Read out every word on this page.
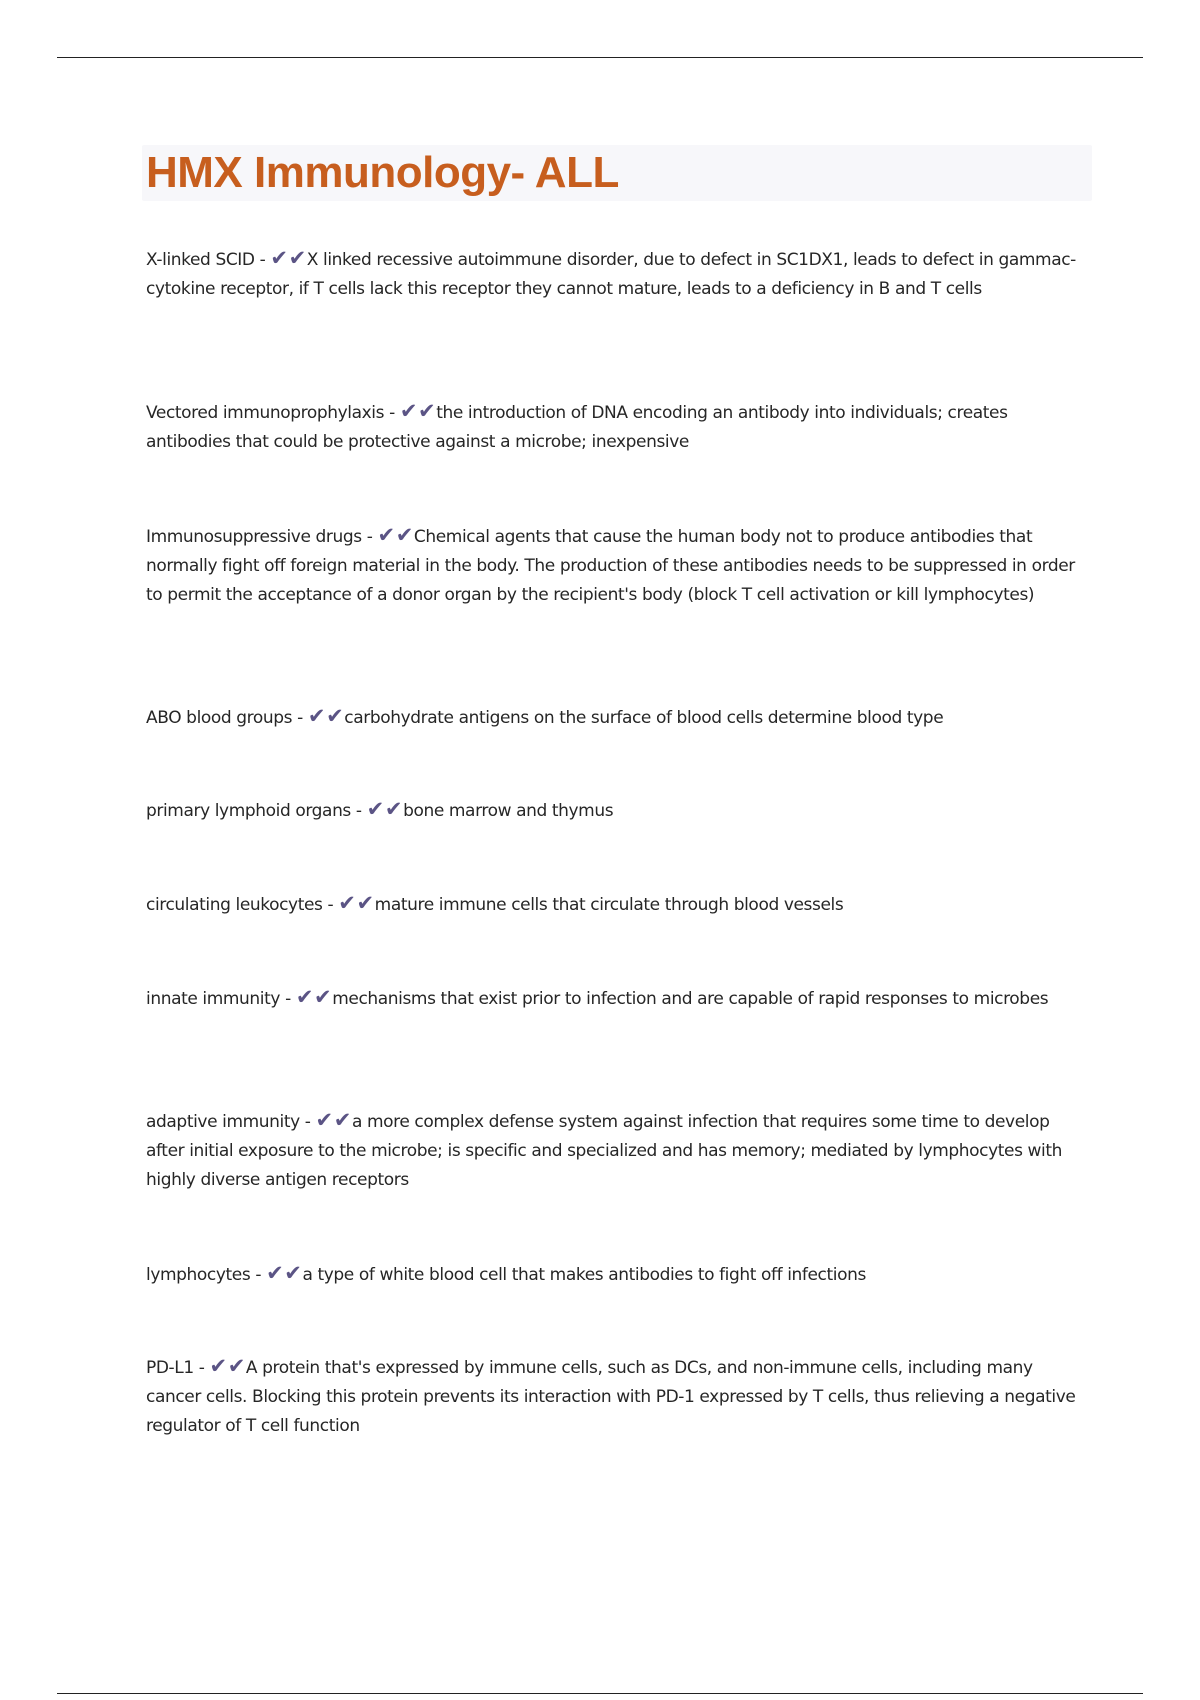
HMX Immunology- ALL
X-linked SCID - ✔✔X linked recessive autoimmune disorder, due to defect in SC1DX1, leads to defect in gammac-cytokine receptor, if T cells lack this receptor they cannot mature, leads to a deficiency in B and T cells
Vectored immunoprophylaxis - ✔✔the introduction of DNA encoding an antibody into individuals; creates antibodies that could be protective against a microbe; inexpensive
Immunosuppressive drugs - ✔✔Chemical agents that cause the human body not to produce antibodies that normally fight off foreign material in the body. The production of these antibodies needs to be suppressed in order to permit the acceptance of a donor organ by the recipient's body (block T cell activation or kill lymphocytes)
ABO blood groups - ✔✔carbohydrate antigens on the surface of blood cells determine blood type
primary lymphoid organs - ✔✔bone marrow and thymus
circulating leukocytes - ✔✔mature immune cells that circulate through blood vessels
innate immunity - ✔✔mechanisms that exist prior to infection and are capable of rapid responses to microbes
adaptive immunity - ✔✔a more complex defense system against infection that requires some time to develop after initial exposure to the microbe; is specific and specialized and has memory; mediated by lymphocytes with highly diverse antigen receptors
lymphocytes - ✔✔a type of white blood cell that makes antibodies to fight off infections
PD-L1 - ✔✔A protein that's expressed by immune cells, such as DCs, and non-immune cells, including many cancer cells. Blocking this protein prevents its interaction with PD-1 expressed by T cells, thus relieving a negative regulator of T cell function
